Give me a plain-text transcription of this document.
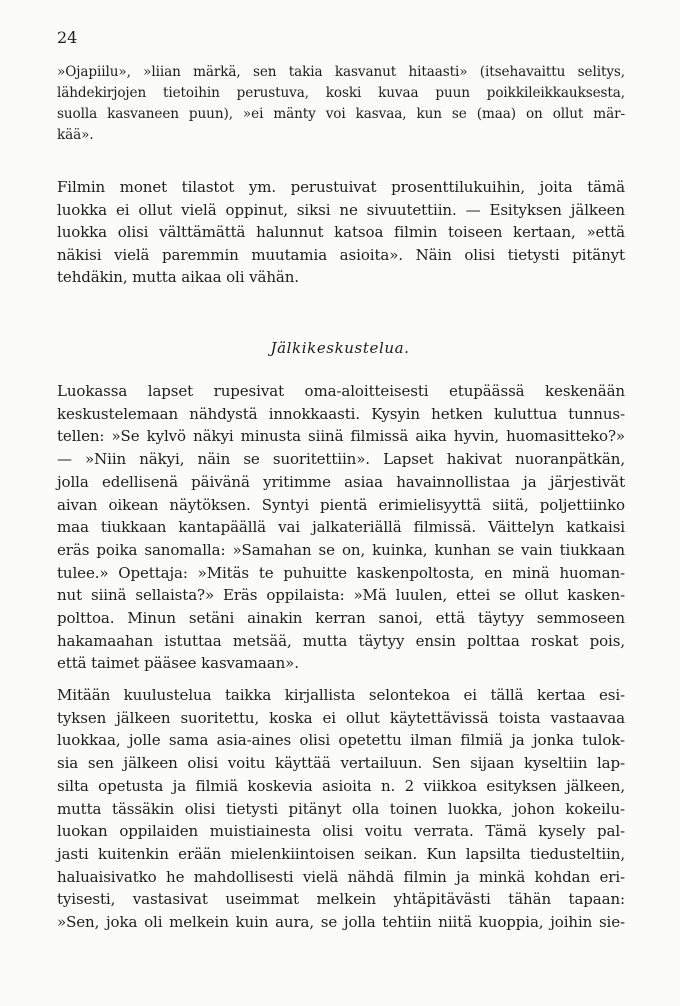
24

»Ojapiilu», »liian märkä, sen takia kasvanut hitaasti» (itsehavaittu selitys,

lähdekirjojen tietoihin perustuva, koski kuvaa puun poikkileikkauksesta,

suolla kasvaneen puun), »ei mänty voi kasvaa, kun se (maa) on ollut mär-

kää».

Filmin monet tilastot ym. perustuivat prosenttilukuihin, joita tämä

luokka ei ollut vielä oppinut, siksi ne sivuutettiin. — Esityksen jälkeen

luokka olisi välttämättä halunnut katsoa filmin toiseen kertaan, »että

näkisi vielä paremmin muutamia asioita». Näin olisi tietysti pitänyt

tehdäkin, mutta aikaa oli vähän.

Jälkikeskustelua.

Luokassa lapset rupesivat oma-aloitteisesti etupäässä keskenään

keskustelemaan nähdystä innokkaasti. Kysyin hetken kuluttua tunnus-

tellen: »Se kylvö näkyi minusta siinä filmissä aika hyvin, huomasitteko?»

— »Niin näkyi, näin se suoritettiin». Lapset hakivat nuoranpätkän,

jolla edellisenä päivänä yritimme asiaa havainnollistaa ja järjestivät

aivan oikean näytöksen. Syntyi pientä erimielisyyttä siitä, poljettiinko

maa tiukkaan kantapäällä vai jalkateriällä filmissä. Väittelyn katkaisi

eräs poika sanomalla: »Samahan se on, kuinka, kunhan se vain tiukkaan

tulee.» Opettaja: »Mitäs te puhuitte kaskenpoltosta, en minä huoman-

nut siinä sellaista?» Eräs oppilaista: »Mä luulen, ettei se ollut kasken-

polttoa. Minun setäni ainakin kerran sanoi, että täytyy semmoseen

hakamaahan istuttaa metsää, mutta täytyy ensin polttaa roskat pois,

että taimet pääsee kasvamaan».

Mitään kuulustelua taikka kirjallista selontekoa ei tällä kertaa esi-

tyksen jälkeen suoritettu, koska ei ollut käytettävissä toista vastaavaa

luokkaa, jolle sama asia-aines olisi opetettu ilman filmiä ja jonka tulok-

sia sen jälkeen olisi voitu käyttää vertailuun. Sen sijaan kyseltiin lap-

silta opetusta ja filmiä koskevia asioita n. 2 viikkoa esityksen jälkeen,

mutta tässäkin olisi tietysti pitänyt olla toinen luokka, johon kokeilu-

luokan oppilaiden muistiainesta olisi voitu verrata. Tämä kysely pal-

jasti kuitenkin erään mielenkiintoisen seikan. Kun lapsilta tiedusteltiin,

haluaisivatko he mahdollisesti vielä nähdä filmin ja minkä kohdan eri-

tyisesti, vastasivat useimmat melkein yhtäpitävästi tähän tapaan:

»Sen, joka oli melkein kuin aura, se jolla tehtiin niitä kuoppia, joihin sie-
